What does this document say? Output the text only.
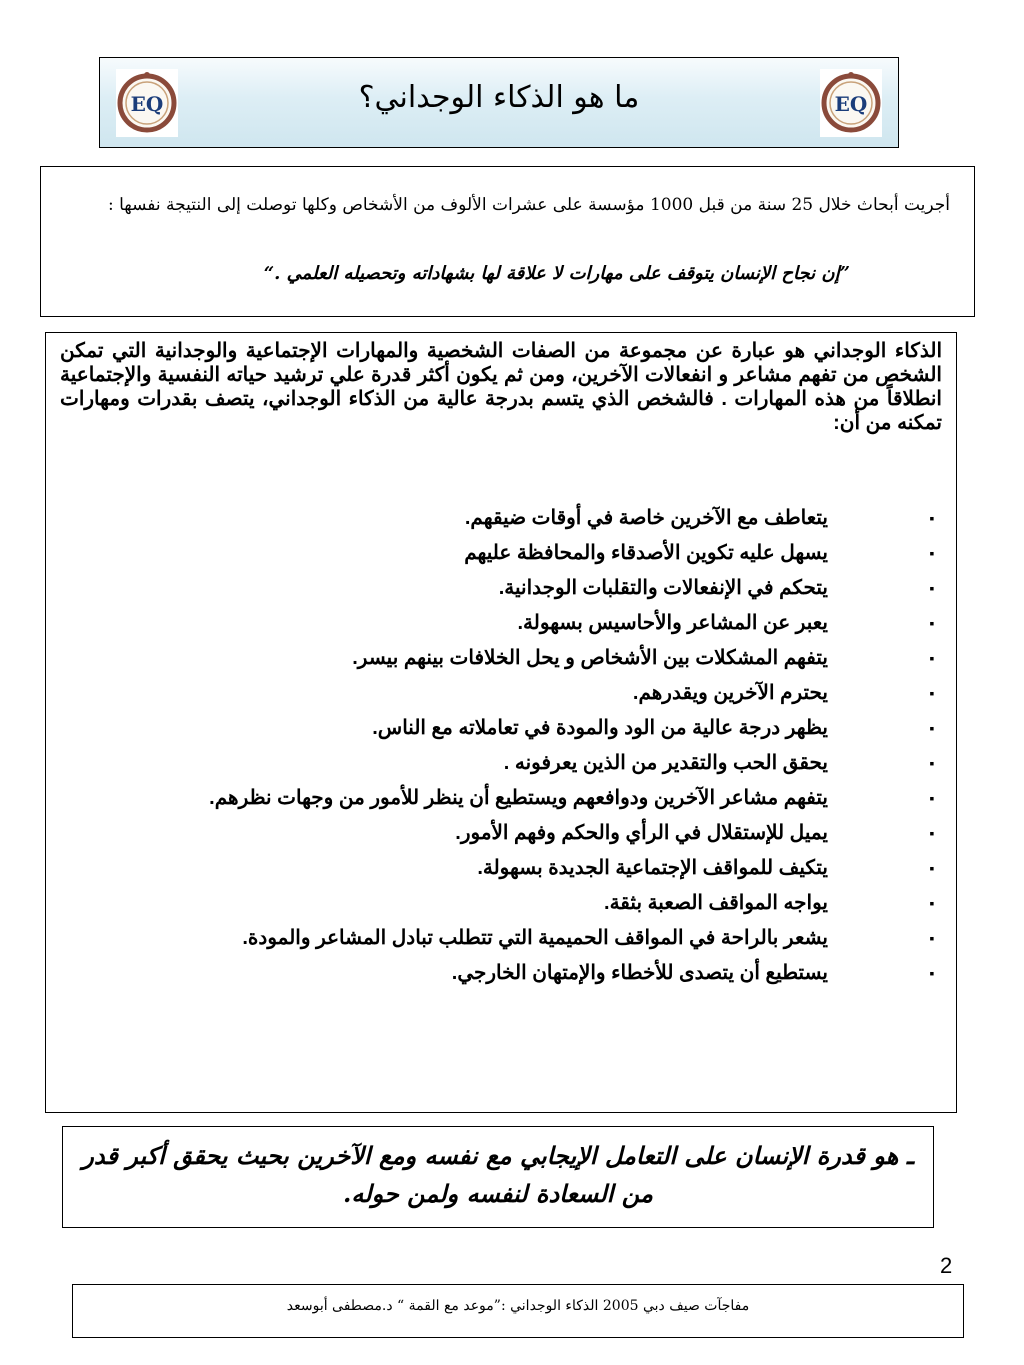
EQ	ما هو الذكاء الوجداني؟	EQ
أجريت أبحاث خلال 25 سنة من قبل 1000 مؤسسة على عشرات الألوف من الأشخاص وكلها توصلت إلى النتيجة نفسها :
”إن نجاح الإنسان يتوقف على مهارات لا علاقة لها بشهاداته وتحصيله العلمي .“
الذكاء الوجداني هو عبارة عن مجموعة من الصفات الشخصية والمهارات الإجتماعية والوجدانية التي تمكن الشخص من تفهم مشاعر و انفعالات الآخرين، ومن ثم يكون أكثر قدرة علي ترشيد حياته النفسية والإجتماعية انطلاقاً من هذه المهارات . فالشخص الذي يتسم بدرجة عالية من الذكاء الوجداني، يتصف بقدرات ومهارات تمكنه من أن:
▪
يتعاطف مع الآخرين خاصة في أوقات ضيقهم.
▪
يسهل عليه تكوين الأصدقاء والمحافظة عليهم
▪
يتحكم في الإنفعالات والتقلبات الوجدانية.
▪
يعبر عن المشاعر والأحاسيس بسهولة.
▪
يتفهم المشكلات بين الأشخاص و يحل الخلافات بينهم بيسر.
▪
يحترم الآخرين ويقدرهم.
▪
يظهر درجة عالية من الود والمودة في تعاملاته مع الناس.
▪
يحقق الحب والتقدير من الذين يعرفونه .
▪
يتفهم مشاعر الآخرين ودوافعهم ويستطيع أن ينظر للأمور من وجهات نظرهم.
▪
يميل للإستقلال في الرأي والحكم وفهم الأمور.
▪
يتكيف للمواقف الإجتماعية الجديدة بسهولة.
▪
يواجه المواقف الصعبة بثقة.
▪
يشعر بالراحة في المواقف الحميمية التي تتطلب تبادل المشاعر والمودة.
▪
يستطيع أن يتصدى للأخطاء والإمتهان الخارجي.
ـ هو قدرة الإنسان على التعامل الإيجابي مع نفسه ومع الآخرين بحيث يحقق أكبر قدر من السعادة لنفسه ولمن حوله.
2
مفاجآت صيف دبي 2005 الذكاء الوجداني :”موعد مع القمة “ د.مصطفى أبوسعد
